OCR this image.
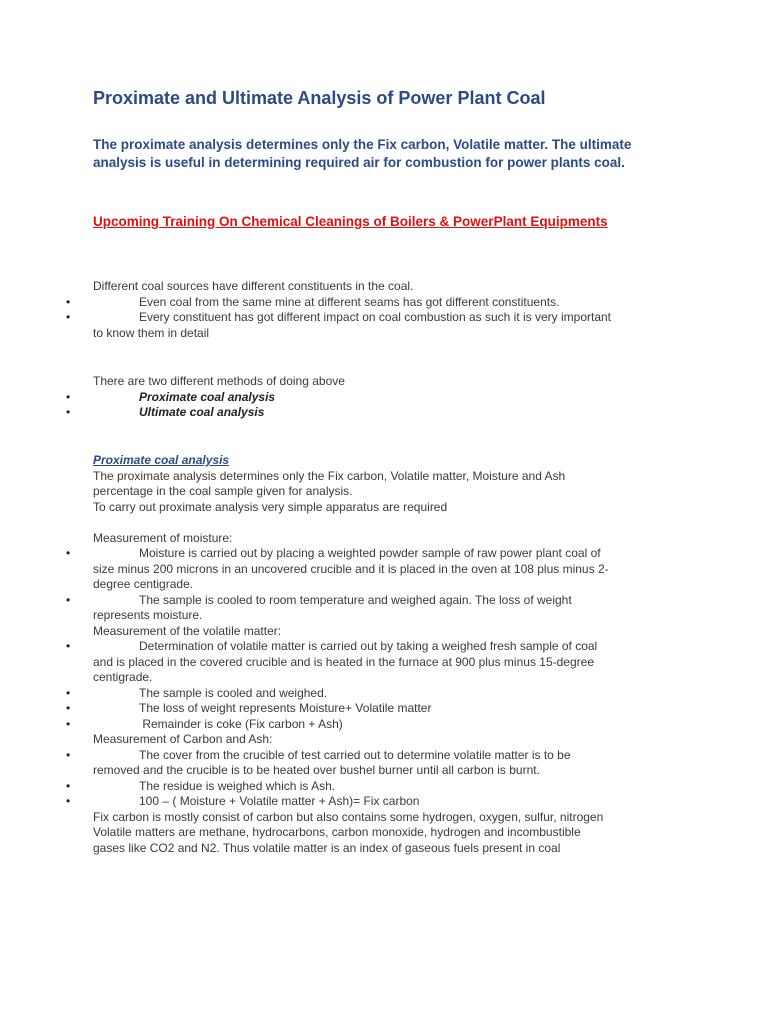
Proximate and Ultimate Analysis of Power Plant Coal

The proximate analysis determines only the Fix carbon, Volatile matter. The ultimate analysis is useful in determining required air for combustion for power plants coal.

Upcoming Training On Chemical Cleanings of Boilers & PowerPlant Equipments

Different coal sources have different constituents in the coal.

•	Even coal from the same mine at different seams has got different constituents.
•	Every constituent has got different impact on coal combustion as such it is very important
to know them in detail

There are two different methods of doing above

•	Proximate coal analysis
•	Ultimate coal analysis

Proximate coal analysis

The proximate analysis determines only the Fix carbon, Volatile matter, Moisture and Ash

percentage in the coal sample given for analysis.

To carry out proximate analysis very simple apparatus are required

Measurement of moisture:

•	Moisture is carried out by placing a weighted powder sample of raw power plant coal of
size minus 200 microns in an uncovered crucible and it is placed in the oven at 108 plus minus 2-
degree centigrade.
•	The sample is cooled to room temperature and weighed again. The loss of weight
represents moisture.

Measurement of the volatile matter:

•	Determination of volatile matter is carried out by taking a weighed fresh sample of coal
and is placed in the covered crucible and is heated in the furnace at 900 plus minus 15-degree
centigrade.
•	The sample is cooled and weighed.
•	The loss of weight represents Moisture+ Volatile matter
•	Remainder is coke (Fix carbon + Ash)

Measurement of Carbon and Ash:

•	The cover from the crucible of test carried out to determine volatile matter is to be
removed and the crucible is to be heated over bushel burner until all carbon is burnt.
•	The residue is weighed which is Ash.
•	100 – ( Moisture + Volatile matter + Ash)= Fix carbon

Fix carbon is mostly consist of carbon but also contains some hydrogen, oxygen, sulfur, nitrogen

Volatile matters are methane, hydrocarbons, carbon monoxide, hydrogen and incombustible

gases like CO2 and N2. Thus volatile matter is an index of gaseous fuels present in coal
